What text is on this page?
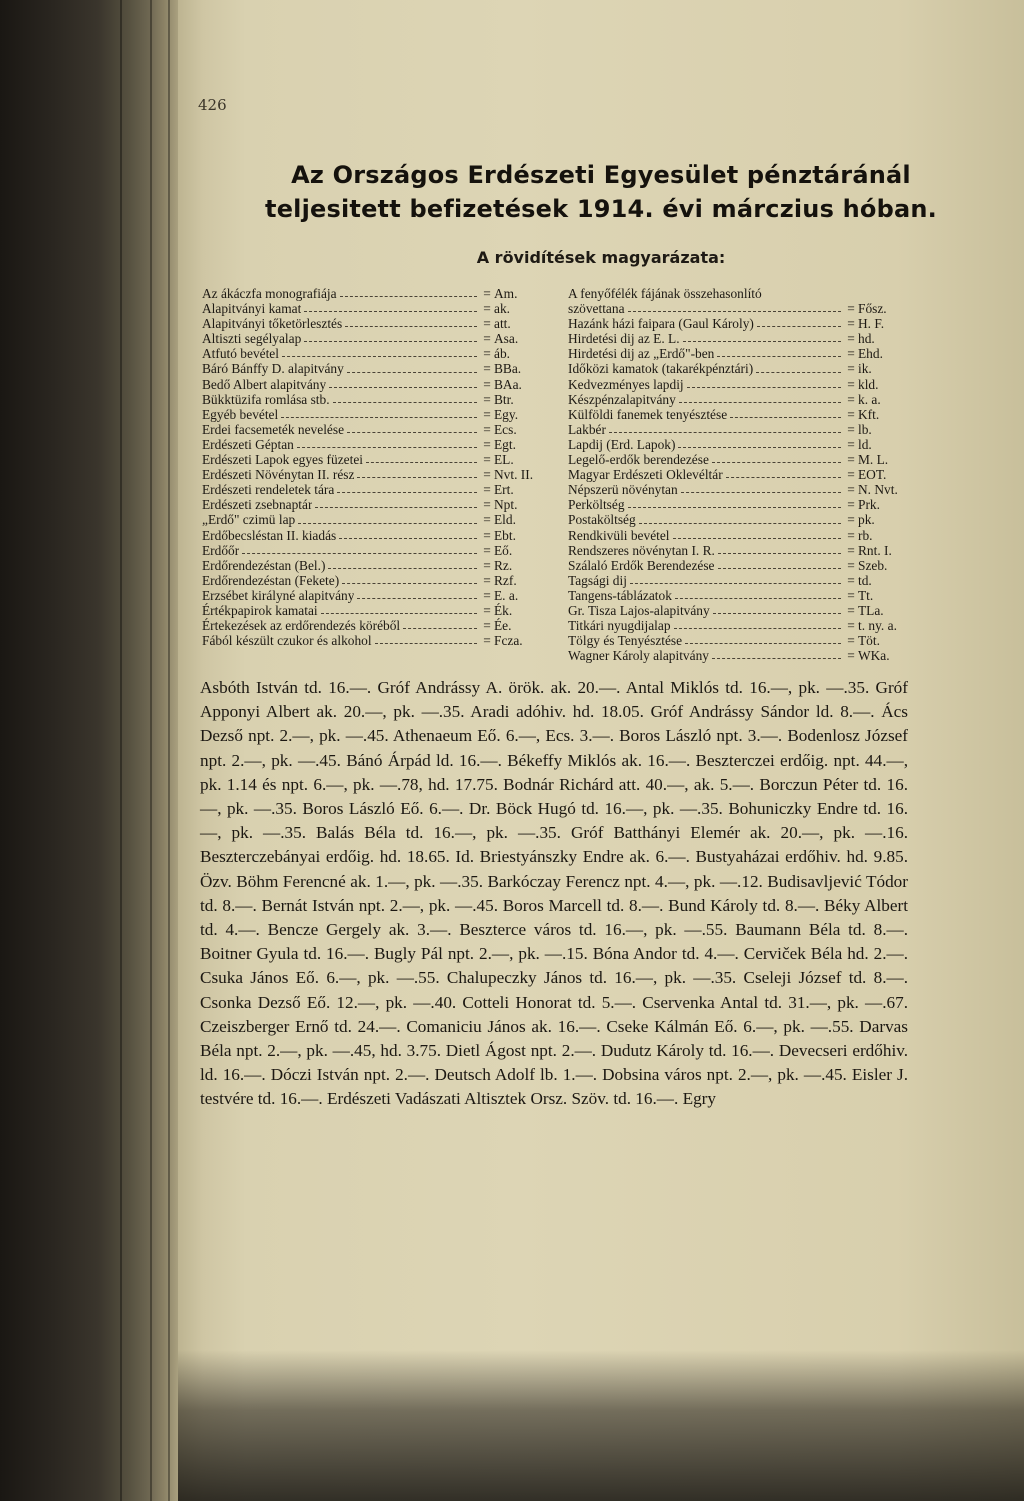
426
Az Országos Erdészeti Egyesület pénztáránál
teljesitett befizetések 1914. évi márczius hóban.
A rövidítések magyarázata:
Az ákáczfa monografiája	= Am.
Alapitványi kamat	= ak.
Alapitványi tőketörlesztés	= att.
Altiszti segélyalap	= Asa.
Atfutó bevétel	= áb.
Báró Bánffy D. alapitvány	= BBa.
Bedő Albert alapitvány	= BAa.
Bükktüzifa romlása stb.	= Btr.
Egyéb bevétel	= Egy.
Erdei facsemeték nevelése	= Ecs.
Erdészeti Géptan	= Egt.
Erdészeti Lapok egyes füzetei	= EL.
Erdészeti Növénytan II. rész	= Nvt. II.
Erdészeti rendeletek tára	= Ert.
Erdészeti zsebnaptár	= Npt.
„Erdő" czimü lap	= Eld.
Erdőbecsléstan II. kiadás	= Ebt.
Erdőőr	= Eő.
Erdőrendezéstan (Bel.)	= Rz.
Erdőrendezéstan (Fekete)	= Rzf.
Erzsébet királyné alapitvány	= E. a.
Értékpapirok kamatai	= Ék.
Értekezések az erdőrendezés köréből	= Ée.
Fából készült czukor és alkohol	= Fcza.
A fenyőfélék fájának összehasonlító
szövettana	= Fősz.
Hazánk házi faipara (Gaul Károly)	= H. F.
Hirdetési dij az E. L.	= hd.
Hirdetési dij az „Erdő"-ben	= Ehd.
Időközi kamatok (takarékpénztári)	= ik.
Kedvezményes lapdij	= kld.
Készpénzalapitvány	= k. a.
Külföldi fanemek tenyésztése	= Kft.
Lakbér	= lb.
Lapdij (Erd. Lapok)	= ld.
Legelő-erdők berendezése	= M. L.
Magyar Erdészeti Oklevéltár	= EOT.
Népszerü növénytan	= N. Nvt.
Perköltség	= Prk.
Postaköltség	= pk.
Rendkivüli bevétel	= rb.
Rendszeres növénytan I. R.	= Rnt. I.
Szálaló Erdők Berendezése	= Szeb.
Tagsági dij	= td.
Tangens-táblázatok	= Tt.
Gr. Tisza Lajos-alapitvány	= TLa.
Titkári nyugdijalap	= t. ny. a.
Tölgy és Tenyésztése	= Töt.
Wagner Károly alapitvány	= WKa.
Asbóth István td. 16.—. Gróf Andrássy A. örök. ak. 20.—. Antal Miklós td. 16.—, pk. —.35. Gróf Apponyi Albert ak. 20.—, pk. —.35. Aradi adóhiv. hd. 18.05. Gróf Andrássy Sándor ld. 8.—. Ács Dezső npt. 2.—, pk. —.45. Athenaeum Eő. 6.—, Ecs. 3.—. Boros László npt. 3.—. Bodenlosz József npt. 2.—, pk. —.45. Bánó Árpád ld. 16.—. Békeffy Miklós ak. 16.—. Beszterczei erdőig. npt. 44.—, pk. 1.14 és npt. 6.—, pk. —.78, hd. 17.75. Bodnár Richárd att. 40.—, ak. 5.—. Borczun Péter td. 16.—, pk. —.35. Boros László Eő. 6.—. Dr. Böck Hugó td. 16.—, pk. —.35. Bohuniczky Endre td. 16.—, pk. —.35. Balás Béla td. 16.—, pk. —.35. Gróf Batthányi Elemér ak. 20.—, pk. —.16. Beszterczebányai erdőig. hd. 18.65. Id. Briestyánszky Endre ak. 6.—. Bustyaházai erdőhiv. hd. 9.85. Özv. Böhm Ferencné ak. 1.—, pk. —.35. Barkóczay Ferencz npt. 4.—, pk. —.12. Budisavljević Tódor td. 8.—. Bernát István npt. 2.—, pk. —.45. Boros Marcell td. 8.—. Bund Károly td. 8.—. Béky Albert td. 4.—. Bencze Gergely ak. 3.—. Beszterce város td. 16.—, pk. —.55. Baumann Béla td. 8.—. Boitner Gyula td. 16.—. Bugly Pál npt. 2.—, pk. —.15. Bóna Andor td. 4.—. Cerviček Béla hd. 2.—. Csuka János Eő. 6.—, pk. —.55. Chalupeczky János td. 16.—, pk. —.35. Cseleji József td. 8.—. Csonka Dezső Eő. 12.—, pk. —.40. Cotteli Honorat td. 5.—. Cservenka Antal td. 31.—, pk. —.67. Czeiszberger Ernő td. 24.—. Comaniciu János ak. 16.—. Cseke Kálmán Eő. 6.—, pk. —.55. Darvas Béla npt. 2.—, pk. —.45, hd. 3.75. Dietl Ágost npt. 2.—. Dudutz Károly td. 16.—. Devecseri erdőhiv. ld. 16.—. Dóczi István npt. 2.—. Deutsch Adolf lb. 1.—. Dobsina város npt. 2.—, pk. —.45. Eisler J. testvére td. 16.—. Erdészeti Vadászati Altisztek Orsz. Szöv. td. 16.—. Egry
